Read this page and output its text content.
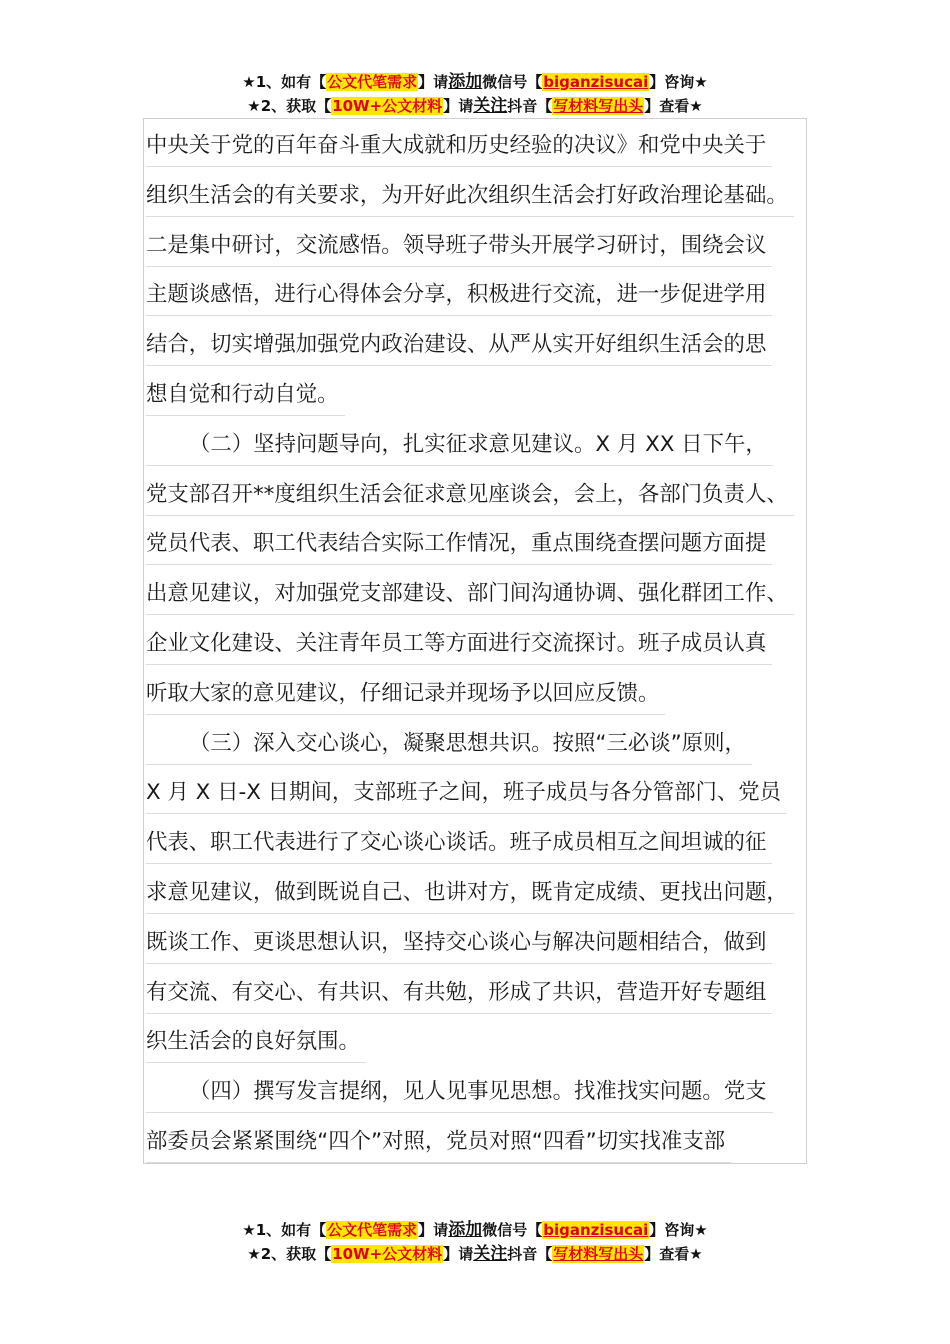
★1、如有【公文代笔需求】请添加微信号【biganzisucai】咨询★
★2、获取【10W+公文材料】请关注抖音【写材料写出头】查看★
中央关于党的百年奋斗重大成就和历史经验的决议》和党中央关于
组织生活会的有关要求，为开好此次组织生活会打好政治理论基础。
二是集中研讨，交流感悟。领导班子带头开展学习研讨，围绕会议
主题谈感悟，进行心得体会分享，积极进行交流，进一步促进学用
结合，切实增强加强党内政治建设、从严从实开好组织生活会的思
想自觉和行动自觉。
（二）坚持问题导向，扎实征求意见建议。X 月 XX 日下午，
党支部召开**度组织生活会征求意见座谈会，会上，各部门负责人、
党员代表、职工代表结合实际工作情况，重点围绕查摆问题方面提
出意见建议，对加强党支部建设、部门间沟通协调、强化群团工作、
企业文化建设、关注青年员工等方面进行交流探讨。班子成员认真
听取大家的意见建议，仔细记录并现场予以回应反馈。
（三）深入交心谈心，凝聚思想共识。按照“三必谈”原则，
X 月 X 日-X 日期间，支部班子之间，班子成员与各分管部门、党员
代表、职工代表进行了交心谈心谈话。班子成员相互之间坦诚的征
求意见建议，做到既说自己、也讲对方，既肯定成绩、更找出问题，
既谈工作、更谈思想认识，坚持交心谈心与解决问题相结合，做到
有交流、有交心、有共识、有共勉，形成了共识，营造开好专题组
织生活会的良好氛围。
（四）撰写发言提纲，见人见事见思想。找准找实问题。党支
部委员会紧紧围绕“四个”对照，党员对照“四看”切实找准支部
★1、如有【公文代笔需求】请添加微信号【biganzisucai】咨询★
★2、获取【10W+公文材料】请关注抖音【写材料写出头】查看★
